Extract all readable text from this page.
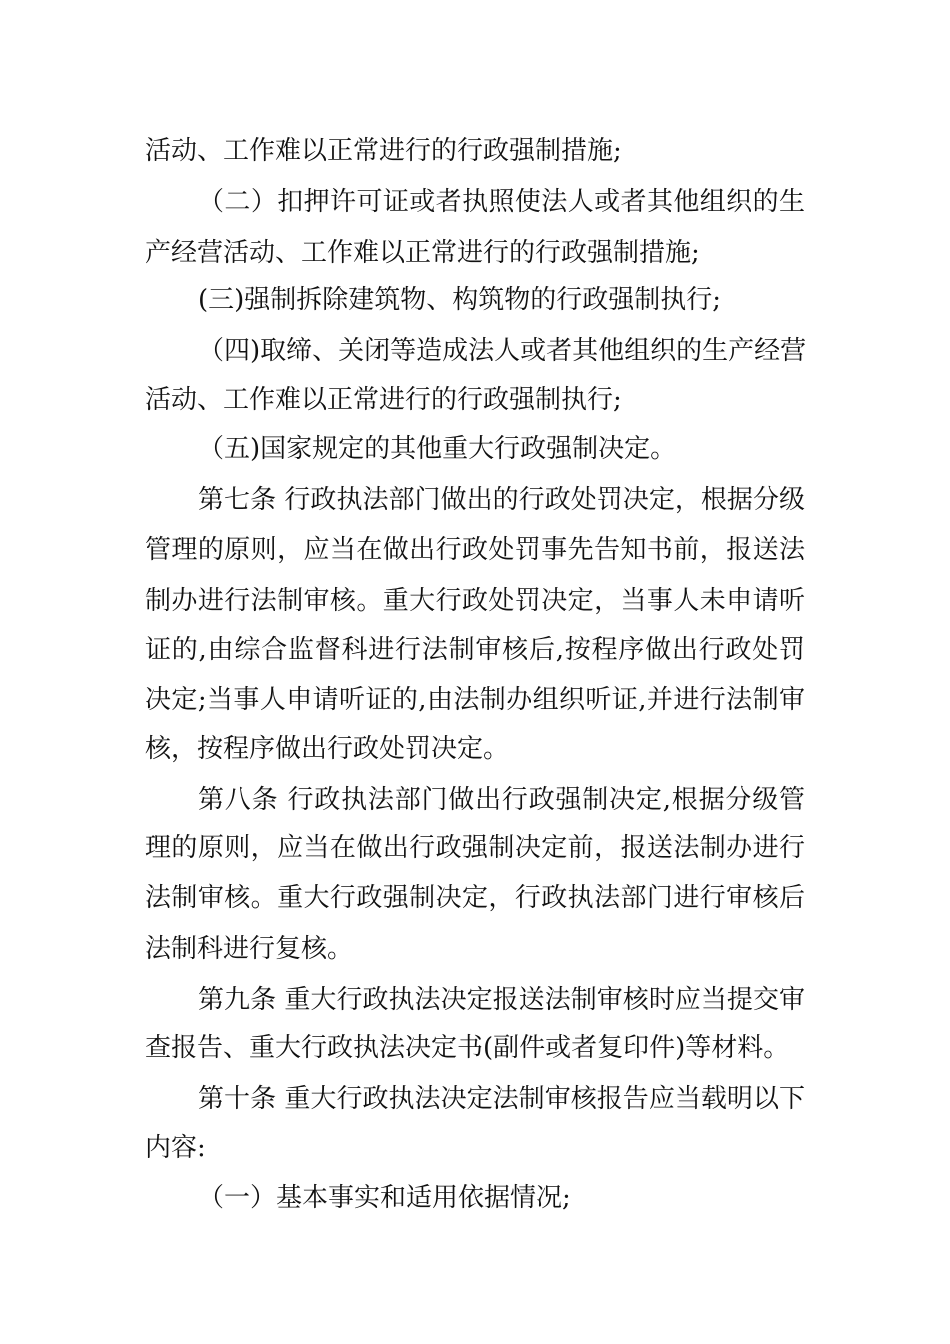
活动、工作难以正常进行的行政强制措施;
（二）扣押许可证或者执照使法人或者其他组织的生
产经营活动、工作难以正常进行的行政强制措施;
(三)强制拆除建筑物、构筑物的行政强制执行;
（四)取缔、关闭等造成法人或者其他组织的生产经营
活动、工作难以正常进行的行政强制执行;
（五)国家规定的其他重大行政强制决定。
第七条 行政执法部门做出的行政处罚决定，根据分级
管理的原则，应当在做出行政处罚事先告知书前，报送法
制办进行法制审核。重大行政处罚决定，当事人未申请听
证的,由综合监督科进行法制审核后,按程序做出行政处罚
决定;当事人申请听证的,由法制办组织听证,并进行法制审
核，按程序做出行政处罚决定。
第八条 行政执法部门做出行政强制决定,根据分级管
理的原则，应当在做出行政强制决定前，报送法制办进行
法制审核。重大行政强制决定，行政执法部门进行审核后
法制科进行复核。
第九条 重大行政执法决定报送法制审核时应当提交审
查报告、重大行政执法决定书(副件或者复印件)等材料。
第十条 重大行政执法决定法制审核报告应当载明以下
内容:
（一）基本事实和适用依据情况;
